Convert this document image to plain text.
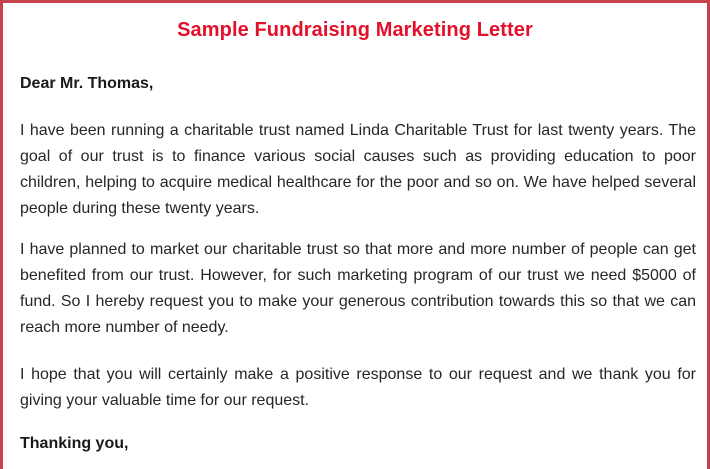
Sample Fundraising Marketing Letter
Dear Mr. Thomas,

I have been running a charitable trust named Linda Charitable Trust for last twenty years. The goal of our trust is to finance various social causes such as providing education to poor children, helping to acquire medical healthcare for the poor and so on. We have helped several people during these twenty years.

I have planned to market our charitable trust so that more and more number of people can get benefited from our trust. However, for such marketing program of our trust we need $5000 of fund. So I hereby request you to make your generous contribution towards this so that we can reach more number of needy.

I hope that you will certainly make a positive response to our request and we thank you for giving your valuable time for our request.

Thanking you,
